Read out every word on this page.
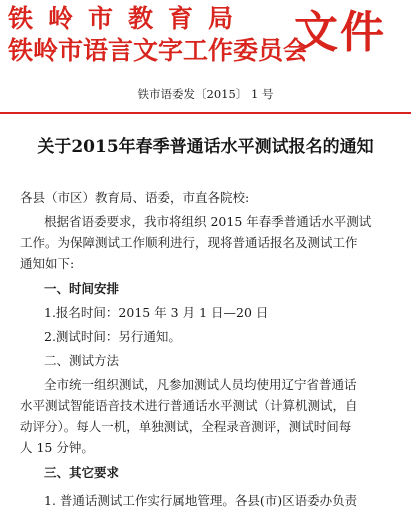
铁岭市教育局
铁岭市语言文字工作委员会
文件
铁市语委发〔2015〕 1 号
关于2015年春季普通话水平测试报名的通知
各县（市区）教育局、语委，市直各院校:
根据省语委要求，我市将组织 2015 年春季普通话水平测试
工作。为保障测试工作顺利进行，现将普通话报名及测试工作
通知如下:
一、时间安排
1.报名时间：2015 年 3 月 1 日—20 日
2.测试时间：另行通知。
二、测试方法
全市统一组织测试，凡参加测试人员均使用辽宁省普通话
水平测试智能语音技术进行普通话水平测试（计算机测试，自
动评分）。每人一机，单独测试，全程录音测评，测试时间每
人 15 分钟。
三、其它要求
1. 普通话测试工作实行属地管理。各县(市)区语委办负责
